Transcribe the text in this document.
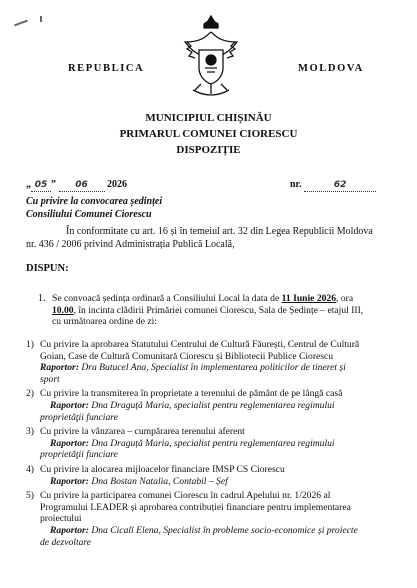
REPUBLICA	MOLDOVA
MUNICIPIUL CHIȘINĂU
PRIMARUL COMUNEI CIORESCU
DISPOZIȚIE
„ 05 ” 06 2026	nr.	62
Cu privire la convocarea ședinței
Consiliului Comunei Ciorescu
În conformitate cu art. 16 și în temeiul art. 32 din Legea Republicii Moldova
nr. 436 / 2006 privind Administrația Publică Locală,
DISPUN:
1. Se convoacă ședința ordinară a Consiliului Local la data de 11 Iunie 2026, ora
10.00, în incinta clădirii Primăriei comunei Ciorescu, Sala de Ședințe – etajul III,
cu următoarea ordine de zi:
1) Cu privire la aprobarea Statutului Centrului de Cultură Făurești, Centrul de Cultură
Goian, Case de Cultură Comunitară Ciorescu și Bibliotecii Publice Ciorescu
Raportor: Dra Butucel Ana, Specialist în implementarea politicilor de tineret și
sport
2) Cu privire la transmiterea în proprietate a terenului de pământ de pe lângă casă
Raportor: Dna Draguță Maria, specialist pentru reglementarea regimului
proprietăţii funciare
3) Cu privire la vânzarea – cumpărarea terenului aferent
Raportor: Dna Draguță Maria, specialist pentru reglementarea regimului
proprietăţii funciare
4) Cu privire la alocarea mijloacelor financiare IMSP CS Ciorescu
Raportor: Dna Bostan Natalia, Contabil – Șef
5) Cu privire la participarea comunei Ciorescu în cadrul Apelului nr. 1/2026 al
Programului LEADER și aprobarea contribuției financiare pentru implementarea
proiectului
Raportor: Dna Cicalî Elena, Specialist în probleme socio-economice și proiecte
de dezvoltare
